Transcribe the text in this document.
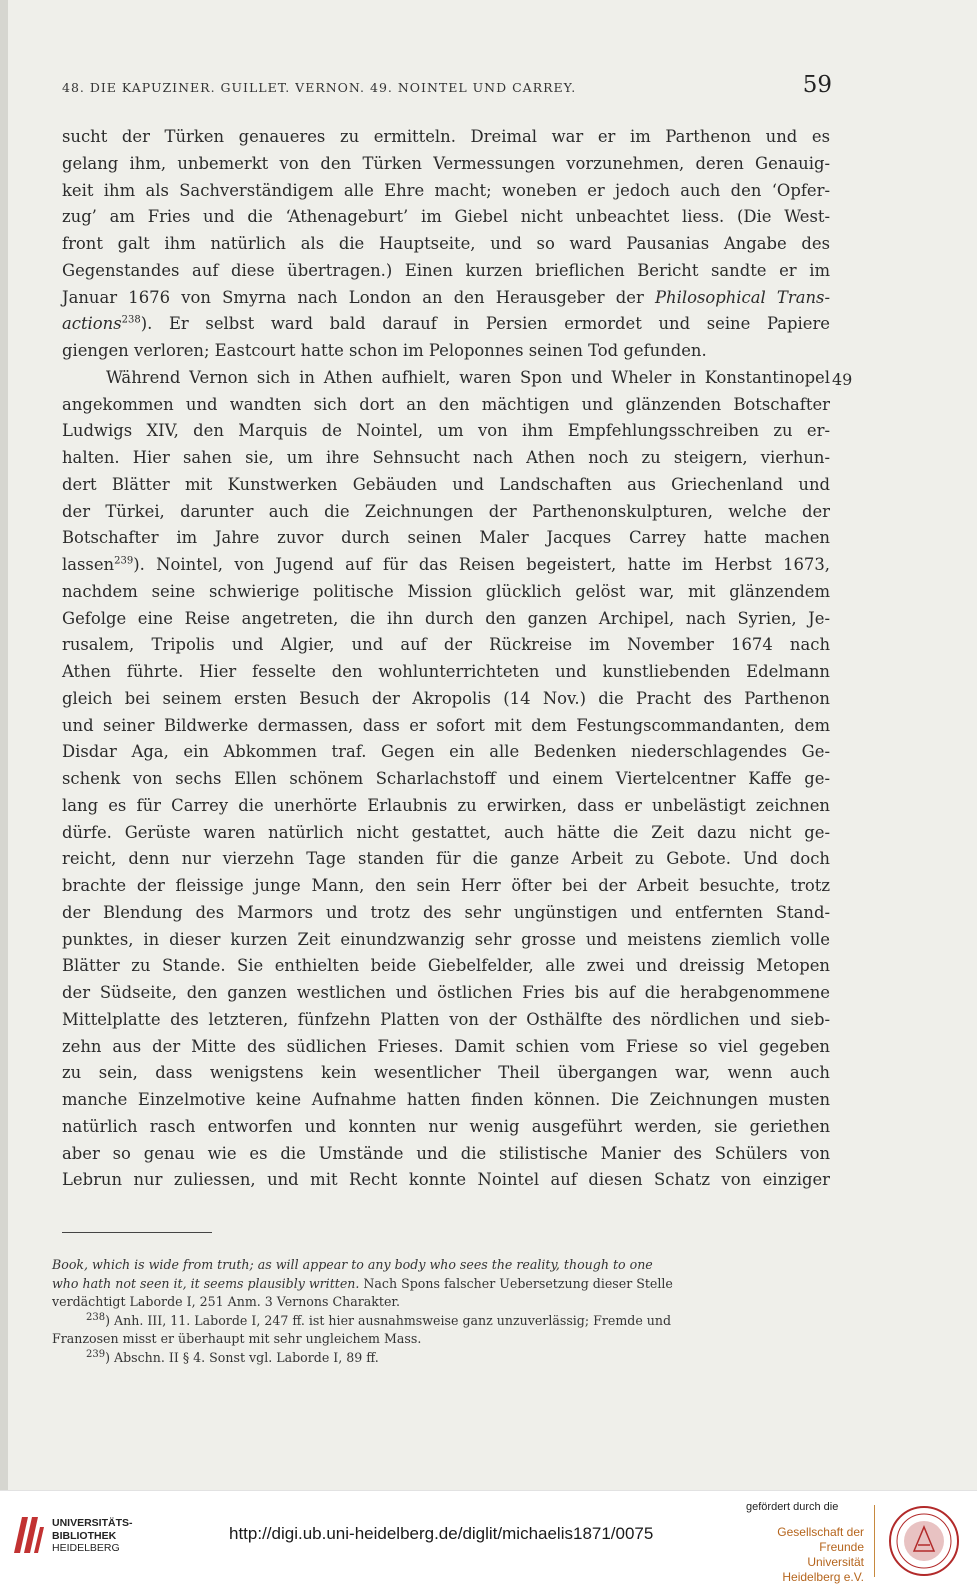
48. DIE KAPUZINER. GUILLET. VERNON. 49. NOINTEL UND CARREY.	59
49

sucht der Türken genaueres zu ermitteln. Dreimal war er im Parthenon und es
gelang ihm, unbemerkt von den Türken Vermessungen vorzunehmen, deren Genauig-
keit ihm als Sachverständigem alle Ehre macht; woneben er jedoch auch den ‘Opfer-
zug’ am Fries und die ‘Athenageburt’ im Giebel nicht unbeachtet liess. (Die West-
front galt ihm natürlich als die Hauptseite, und so ward Pausanias Angabe des
Gegenstandes auf diese übertragen.) Einen kurzen brieflichen Bericht sandte er im
Januar 1676 von Smyrna nach London an den Herausgeber der Philosophical Trans-
actions$^{238}$). Er selbst ward bald darauf in Persien ermordet und seine Papiere
giengen verloren; Eastcourt hatte schon im Peloponnes seinen Tod gefunden.

Während Vernon sich in Athen aufhielt, waren Spon und Wheler in Konstantinopel
angekommen und wandten sich dort an den mächtigen und glänzenden Botschafter
Ludwigs XIV, den Marquis de Nointel, um von ihm Empfehlungsschreiben zu er-
halten. Hier sahen sie, um ihre Sehnsucht nach Athen noch zu steigern, vierhun-
dert Blätter mit Kunstwerken Gebäuden und Landschaften aus Griechenland und
der Türkei, darunter auch die Zeichnungen der Parthenonskulpturen, welche der
Botschafter im Jahre zuvor durch seinen Maler Jacques Carrey hatte machen
lassen$^{239}$). Nointel, von Jugend auf für das Reisen begeistert, hatte im Herbst 1673,
nachdem seine schwierige politische Mission glücklich gelöst war, mit glänzendem
Gefolge eine Reise angetreten, die ihn durch den ganzen Archipel, nach Syrien, Je-
rusalem, Tripolis und Algier, und auf der Rückreise im November 1674 nach
Athen führte. Hier fesselte den wohlunterrichteten und kunstliebenden Edelmann
gleich bei seinem ersten Besuch der Akropolis (14 Nov.) die Pracht des Parthenon
und seiner Bildwerke dermassen, dass er sofort mit dem Festungscommandanten, dem
Disdar Aga, ein Abkommen traf. Gegen ein alle Bedenken niederschlagendes Ge-
schenk von sechs Ellen schönem Scharlachstoff und einem Viertelcentner Kaffe ge-
lang es für Carrey die unerhörte Erlaubnis zu erwirken, dass er unbelästigt zeichnen
dürfe. Gerüste waren natürlich nicht gestattet, auch hätte die Zeit dazu nicht ge-
reicht, denn nur vierzehn Tage standen für die ganze Arbeit zu Gebote. Und doch
brachte der fleissige junge Mann, den sein Herr öfter bei der Arbeit besuchte, trotz
der Blendung des Marmors und trotz des sehr ungünstigen und entfernten Stand-
punktes, in dieser kurzen Zeit einundzwanzig sehr grosse und meistens ziemlich volle
Blätter zu Stande. Sie enthielten beide Giebelfelder, alle zwei und dreissig Metopen
der Südseite, den ganzen westlichen und östlichen Fries bis auf die herabgenommene
Mittelplatte des letzteren, fünfzehn Platten von der Osthälfte des nördlichen und sieb-
zehn aus der Mitte des südlichen Frieses. Damit schien vom Friese so viel gegeben
zu sein, dass wenigstens kein wesentlicher Theil übergangen war, wenn auch
manche Einzelmotive keine Aufnahme hatten finden können. Die Zeichnungen musten
natürlich rasch entworfen und konnten nur wenig ausgeführt werden, sie geriethen
aber so genau wie es die Umstände und die stilistische Manier des Schülers von
Lebrun nur zuliessen, und mit Recht konnte Nointel auf diesen Schatz von einziger

Book, which is wide from truth; as will appear to any body who sees the reality, though to one
who hath not seen it, it seems plausibly written. Nach Spons falscher Uebersetzung dieser Stelle
verdächtigt Laborde I, 251 Anm. 3 Vernons Charakter.
$^{238}$) Anh. III, 11. Laborde I, 247 ff. ist hier ausnahmsweise ganz unzuverlässig; Fremde und
Franzosen misst er überhaupt mit sehr ungleichem Mass.
$^{239}$) Abschn. II § 4. Sonst vgl. Laborde I, 89 ff.
UNIVERSITÄTS-
BIBLIOTHEK
HEIDELBERG
http://digi.ub.uni-heidelberg.de/diglit/michaelis1871/0075
gefördert durch die
Gesellschaft der Freunde
Universität Heidelberg e.V.
